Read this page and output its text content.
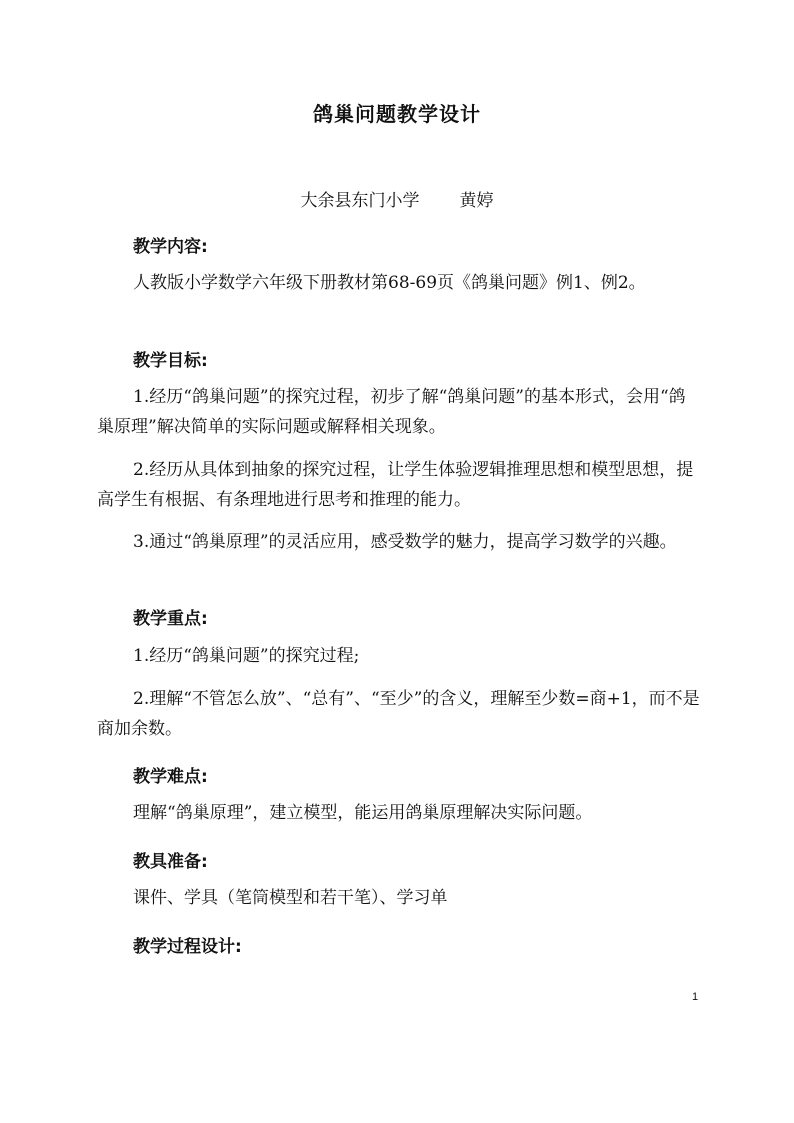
鸽巢问题教学设计
大余县东门小学 黄婷
教学内容:
人教版小学数学六年级下册教材第68-69页《鸽巢问题》例1、例2。
教学目标:
1.经历“鸽巢问题”的探究过程，初步了解“鸽巢问题”的基本形式，会用“鸽巢原理”解决简单的实际问题或解释相关现象。
2.经历从具体到抽象的探究过程，让学生体验逻辑推理思想和模型思想，提高学生有根据、有条理地进行思考和推理的能力。
3.通过“鸽巢原理”的灵活应用，感受数学的魅力，提高学习数学的兴趣。
教学重点:
1.经历“鸽巢问题”的探究过程;
2.理解“不管怎么放”、“总有”、“至少”的含义，理解至少数=商+1，而不是商加余数。
教学难点:
理解“鸽巢原理”，建立模型，能运用鸽巢原理解决实际问题。
教具准备:
课件、学具（笔筒模型和若干笔）、学习单
教学过程设计:
1
